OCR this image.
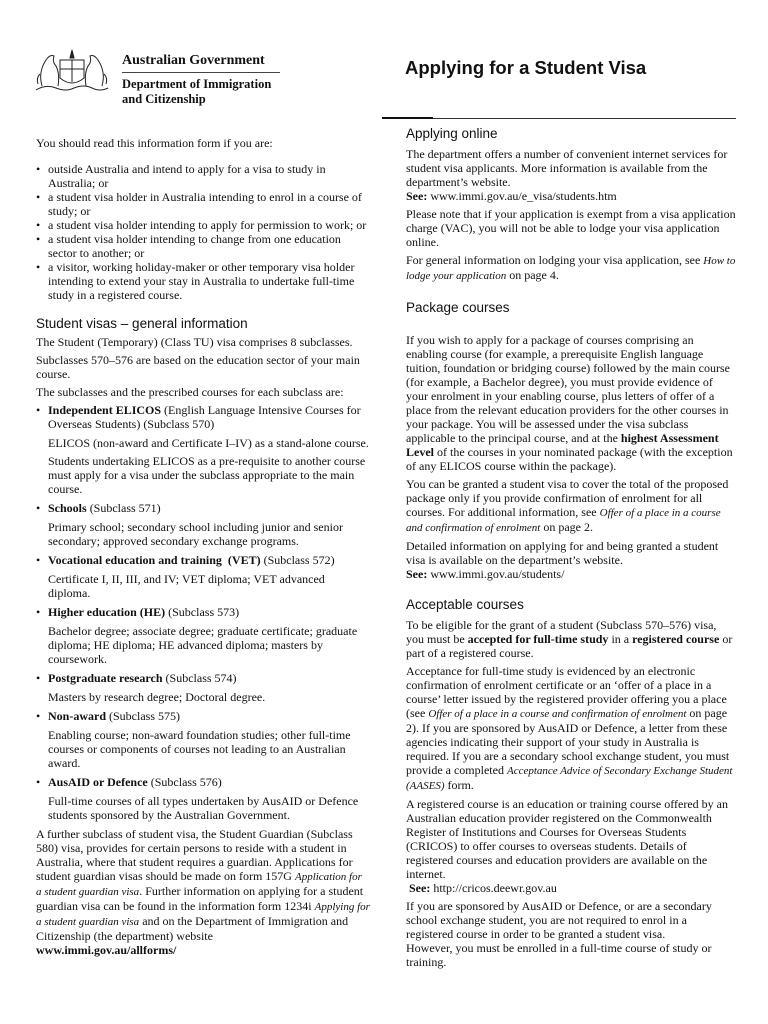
Australian Government
Department of Immigration
and Citizenship
Applying for a Student Visa

You should read this information form if you are:

• outside Australia and intend to apply for a visa to study in Australia; or
• a student visa holder in Australia intending to enrol in a course of study; or
• a student visa holder intending to apply for permission to work; or
• a student visa holder intending to change from one education sector to another; or
• a visitor, working holiday-maker or other temporary visa holder intending to extend your stay in Australia to undertake full-time study in a registered course.
Student visas – general information

The Student (Temporary) (Class TU) visa comprises 8 subclasses.

Subclasses 570–576 are based on the education sector of your main course.

The subclasses and the prescribed courses for each subclass are:

• Independent ELICOS (English Language Intensive Courses for Overseas Students) (Subclass 570)

ELICOS (non-award and Certificate I–IV) as a stand-alone course.

Students undertaking ELICOS as a pre-requisite to another course must apply for a visa under the subclass appropriate to the main course.

• Schools (Subclass 571)

Primary school; secondary school including junior and senior secondary; approved secondary exchange programs.

• Vocational education and training  (VET) (Subclass 572)

Certificate I, II, III, and IV; VET diploma; VET advanced diploma.

• Higher education (HE) (Subclass 573)

Bachelor degree; associate degree; graduate certificate; graduate diploma; HE diploma; HE advanced diploma; masters by coursework.

• Postgraduate research (Subclass 574)

Masters by research degree; Doctoral degree.

• Non-award (Subclass 575)

Enabling course; non-award foundation studies; other full-time courses or components of courses not leading to an Australian award.

• AusAID or Defence (Subclass 576)

Full-time courses of all types undertaken by AusAID or Defence students sponsored by the Australian Government.

A further subclass of student visa, the Student Guardian (Subclass 580) visa, provides for certain persons to reside with a student in Australia, where that student requires a guardian. Applications for student guardian visas should be made on form 157G Application for a student guardian visa. Further information on applying for a student guardian visa can be found in the information form 1234i Applying for a student guardian visa and on the Department of Immigration and Citizenship (the department) website
www.immi.gov.au/allforms/

Applying online

The department offers a number of convenient internet services for student visa applicants. More information is available from the department’s website.
See: www.immi.gov.au/e_visa/students.htm

Please note that if your application is exempt from a visa application charge (VAC), you will not be able to lodge your visa application online.

For general information on lodging your visa application, see How to lodge your application on page 4.

Package courses

If you wish to apply for a package of courses comprising an enabling course (for example, a prerequisite English language tuition, foundation or bridging course) followed by the main course (for example, a Bachelor degree), you must provide evidence of your enrolment in your enabling course, plus letters of offer of a place from the relevant education providers for the other courses in your package. You will be assessed under the visa subclass applicable to the principal course, and at the highest Assessment Level of the courses in your nominated package (with the exception of any ELICOS course within the package).

You can be granted a student visa to cover the total of the proposed package only if you provide confirmation of enrolment for all courses. For additional information, see Offer of a place in a course and confirmation of enrolment on page 2.

Detailed information on applying for and being granted a student visa is available on the department’s website.
See: www.immi.gov.au/students/

Acceptable courses

To be eligible for the grant of a student (Subclass 570–576) visa, you must be accepted for full-time study in a registered course or part of a registered course.

Acceptance for full-time study is evidenced by an electronic confirmation of enrolment certificate or an ‘offer of a place in a course’ letter issued by the registered provider offering you a place (see Offer of a place in a course and confirmation of enrolment on page 2). If you are sponsored by AusAID or Defence, a letter from these agencies indicating their support of your study in Australia is required. If you are a secondary school exchange student, you must provide a completed Acceptance Advice of Secondary Exchange Student (AASES) form.

A registered course is an education or training course offered by an Australian education provider registered on the Commonwealth Register of Institutions and Courses for Overseas Students (CRICOS) to offer courses to overseas students. Details of registered courses and education providers are available on the internet.
See: http://cricos.deewr.gov.au

If you are sponsored by AusAID or Defence, or are a secondary school exchange student, you are not required to enrol in a registered course in order to be granted a student visa.

However, you must be enrolled in a full-time course of study or training.
